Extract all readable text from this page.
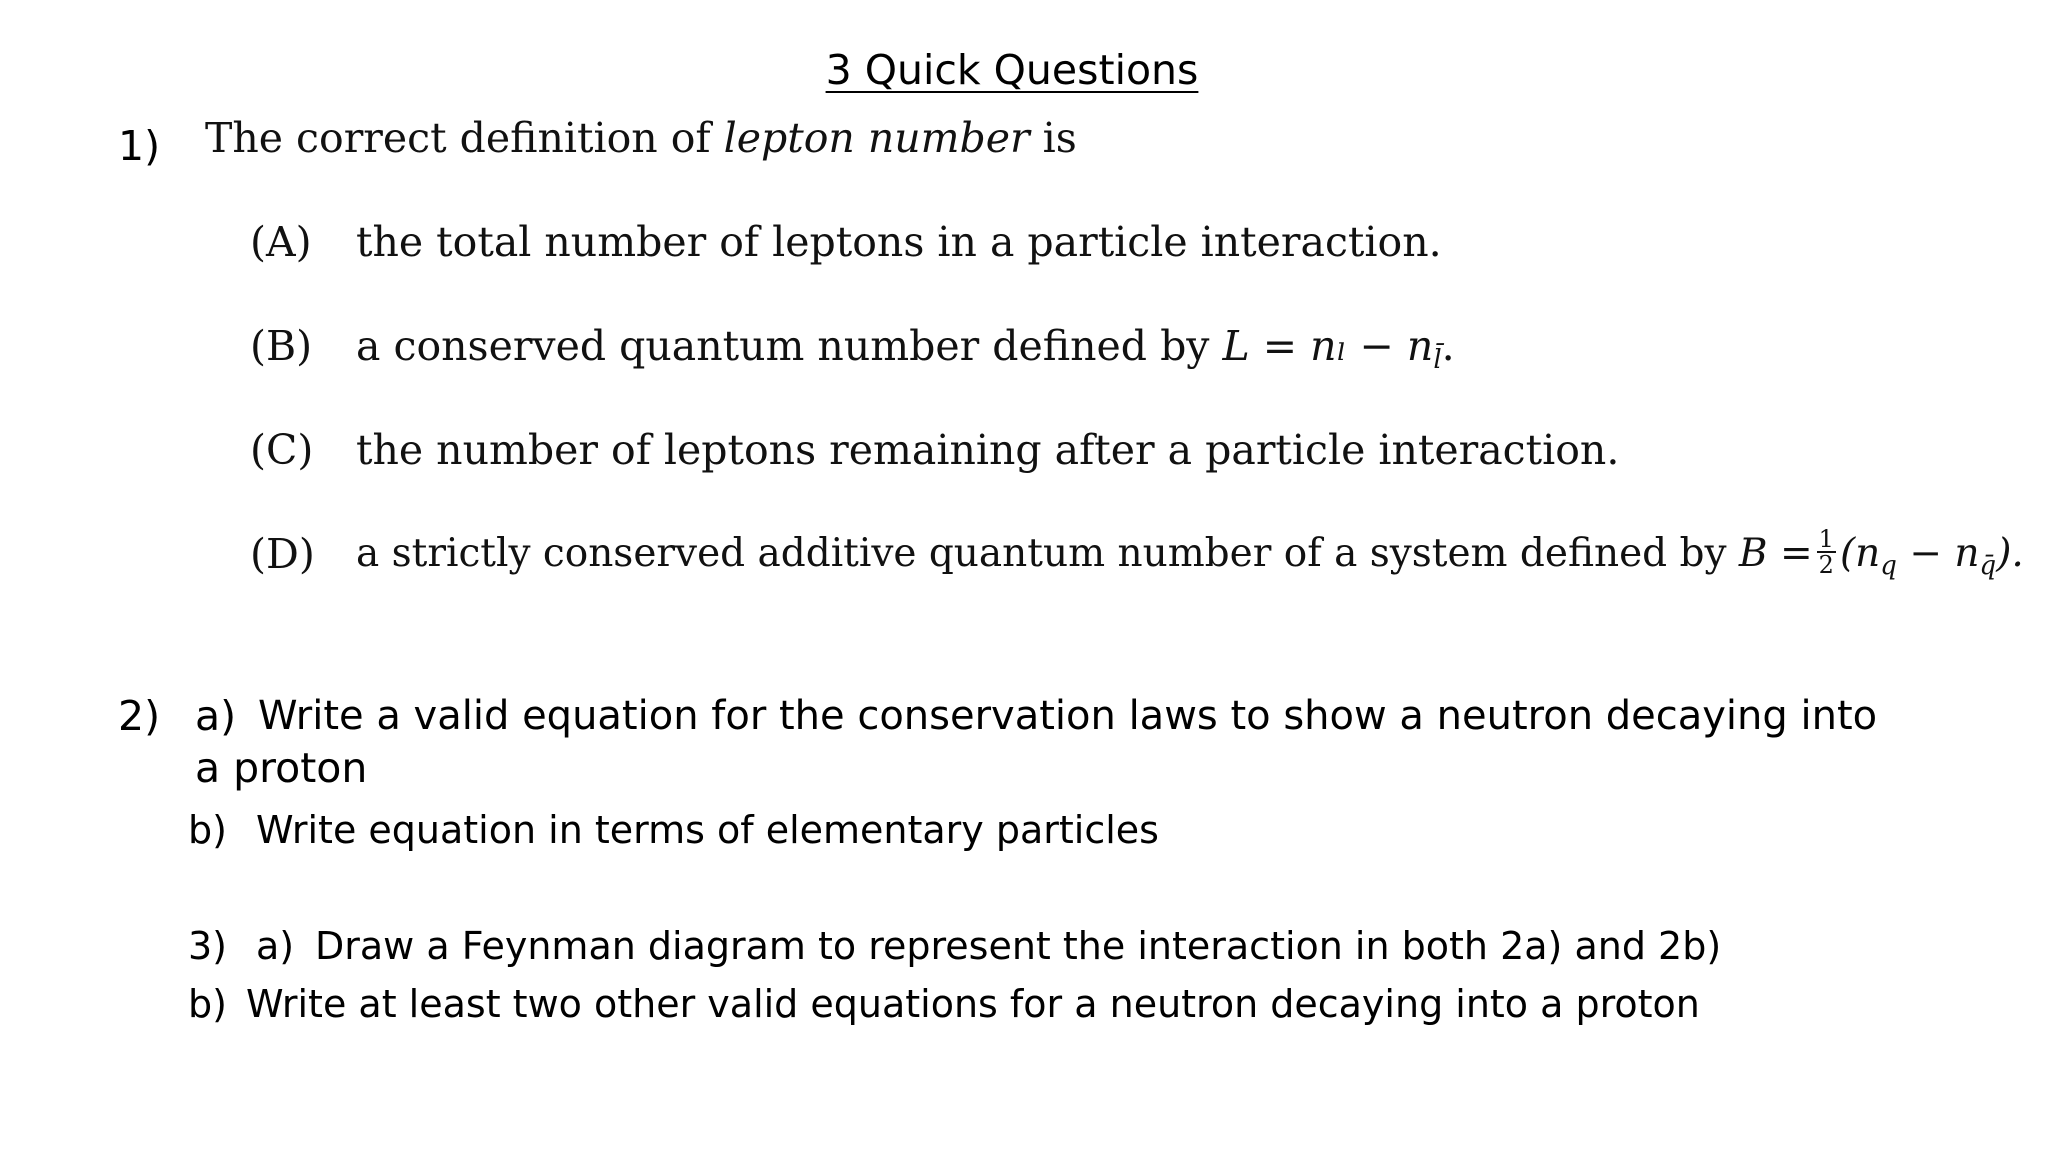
3 Quick Questions
1) The correct definition of lepton number is
(A) the total number of leptons in a particle interaction.
(B) a conserved quantum number defined by L = nₗ − nl̄.
(C) the number of leptons remaining after a particle interaction.
(D) a strictly conserved additive quantum number of a system defined by $B = \frac{1}{2} (n_q - n_{q̄})$.
2) a) Write a valid equation for the conservation laws to show a neutron decaying into
a proton
b) Write equation in terms of elementary particles
3) a) Draw a Feynman diagram to represent the interaction in both 2a) and 2b)
b) Write at least two other valid equations for a neutron decaying into a proton
